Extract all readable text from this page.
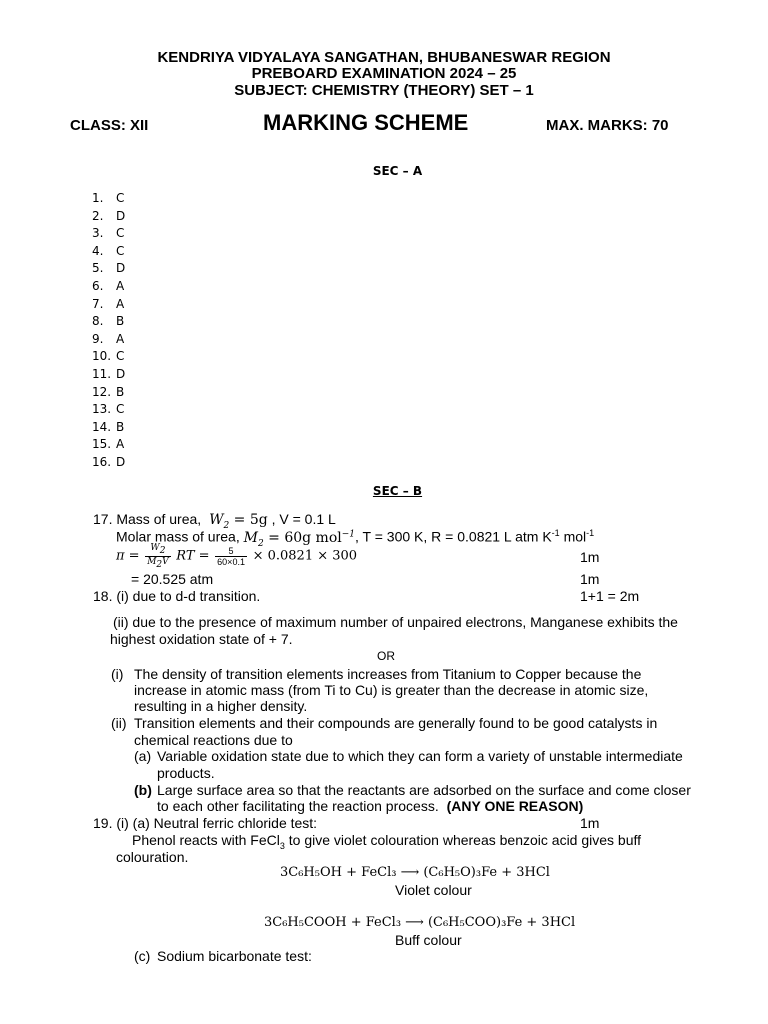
KENDRIYA VIDYALAYA SANGATHAN, BHUBANESWAR REGION
PREBOARD EXAMINATION 2024 – 25
SUBJECT: CHEMISTRY (THEORY) SET – 1
CLASS: XII	MARKING SCHEME	MAX. MARKS: 70
SEC – A
1. C
2. D
3. C
4. C
5. D
6. A
7. A
8. B
9. A
10. C
11. D
12. B
13. C
14. B
15. A
16. D
SEC – B
17. Mass of urea, $W_2 = 5g$ , V = 0.1 L
Molar mass of urea, $M_2 = 60g$ mol$^{-1}$, T = 300 K, R = 0.0821 L atm $K^{-1}$ mol$^{-1}$
$\pi = \frac{W_2}{M_2V}$ RT = $\frac{5}{60\times 0.1} \times 0.0821 \times 300$	1m
= 20.525 atm	1m
18. (i) due to d-d transition.	1+1 = 2m
(ii) due to the presence of maximum number of unpaired electrons, Manganese exhibits the
highest oxidation state of + 7.
OR
(i) The density of transition elements increases from Titanium to Copper because the
increase in atomic mass (from Ti to Cu) is greater than the decrease in atomic size,
resulting in a higher density.
(ii) Transition elements and their compounds are generally found to be good catalysts in
chemical reactions due to
(a) Variable oxidation state due to which they can form a variety of unstable intermediate
products.
(b) Large surface area so that the reactants are adsorbed on the surface and come closer
to each other facilitating the reaction process. (ANY ONE REASON)
19. (i) (a) Neutral ferric chloride test:	1m
Phenol reacts with FeCl$_3$ to give violet colouration whereas benzoic acid gives buff
colouration.
3C₆H₅OH + FeCl₃ ⟶ (C₆H₅O)₃Fe + 3HCl
Violet colour
3C₆H₅COOH + FeCl₃ ⟶ (C₆H₅COO)₃Fe + 3HCl
Buff colour
(c) Sodium bicarbonate test:
